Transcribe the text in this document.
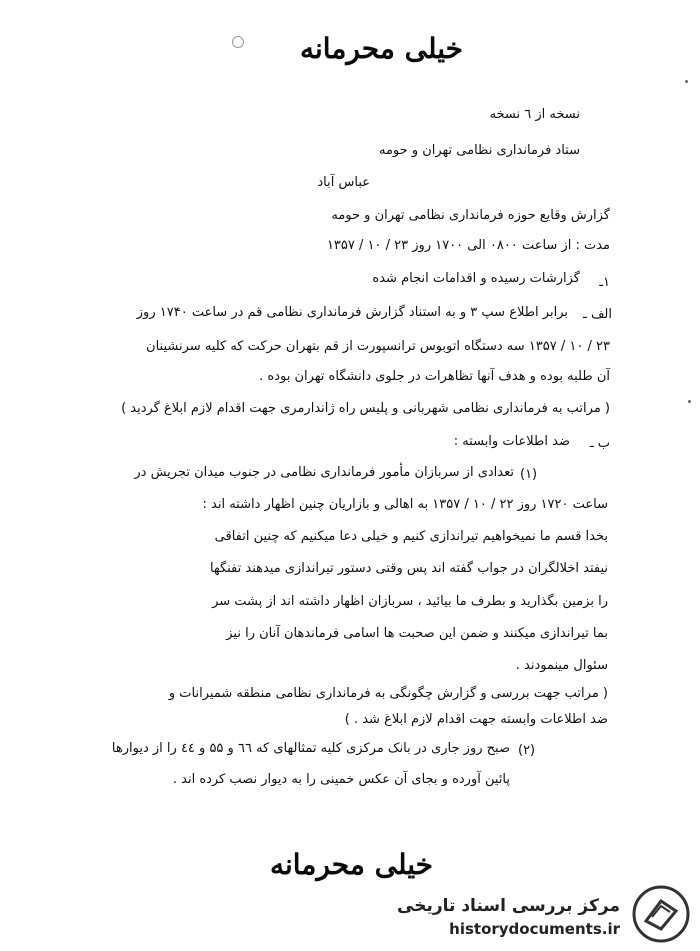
خیلی محرمانه
نسخه از ٦ نسخه
ستاد فرمانداری نظامی تهران و حومه
عباس آباد
گزارش وقایع حوزه فرمانداری نظامی تهران و حومه
مدت : از ساعت ۰۸۰۰ الی ۱۷۰۰ روز ۲۳ / ۱۰ / ۱۳۵۷
۱ـ
گزارشات رسیده و اقدامات انجام شده
الف ـ
برابر اطلاع سپ ۳ و به استناد گزارش فرمانداری نظامی قم در ساعت ۱۷۴۰ روز
۲۳ / ۱۰ / ۱۳۵۷ سه دستگاه اتوبوس ترانسپورت از قم بتهران حرکت که کلیه سرنشینان
آن طلبه بوده و هدف آنها تظاهرات در جلوی دانشگاه تهران بوده .
( مراتب به فرمانداری نظامی شهربانی و پلیس راه ژاندارمری جهت اقدام لازم ابلاغ گردید )
ب ـ
ضد اطلاعات وابسته :
(۱)
تعدادی از سربازان مأمور فرمانداری نظامی در جنوب میدان تجریش در
ساعت ۱۷۲۰ روز ۲۲ / ۱۰ / ۱۳۵۷ به اهالی و بازاریان چنین اظهار داشته اند :
بخدا قسم ما نمیخواهیم تیراندازی کنیم و خیلی دعا میکنیم که چنین اتفاقی
نیفتد اخلالگران در جواب گفته اند پس وقتی دستور تیراندازی میدهند تفنگها
را بزمین بگذارید و بطرف ما بیائید ، سربازان اظهار داشته اند از پشت سر
بما تیراندازی میکنند و ضمن این صحبت ها اسامی فرماندهان آنان را نیز
سئوال مینمودند .
( مراتب جهت بررسی و گزارش چگونگی به فرمانداری نظامی منطقه شمیرانات و
ضد اطلاعات وابسته جهت اقدام لازم ابلاغ شد . )
(۲)
صبح روز جاری در بانک مرکزی کلیه تمثالهای که ٦٦ و ۵۵ و ٤٤ را از دیوارها
پائین آورده و بجای آن عکس خمینی را به دیوار نصب کرده اند .
خیلی محرمانه
مرکز بررسی اسناد تاریخی
historydocuments.ir
